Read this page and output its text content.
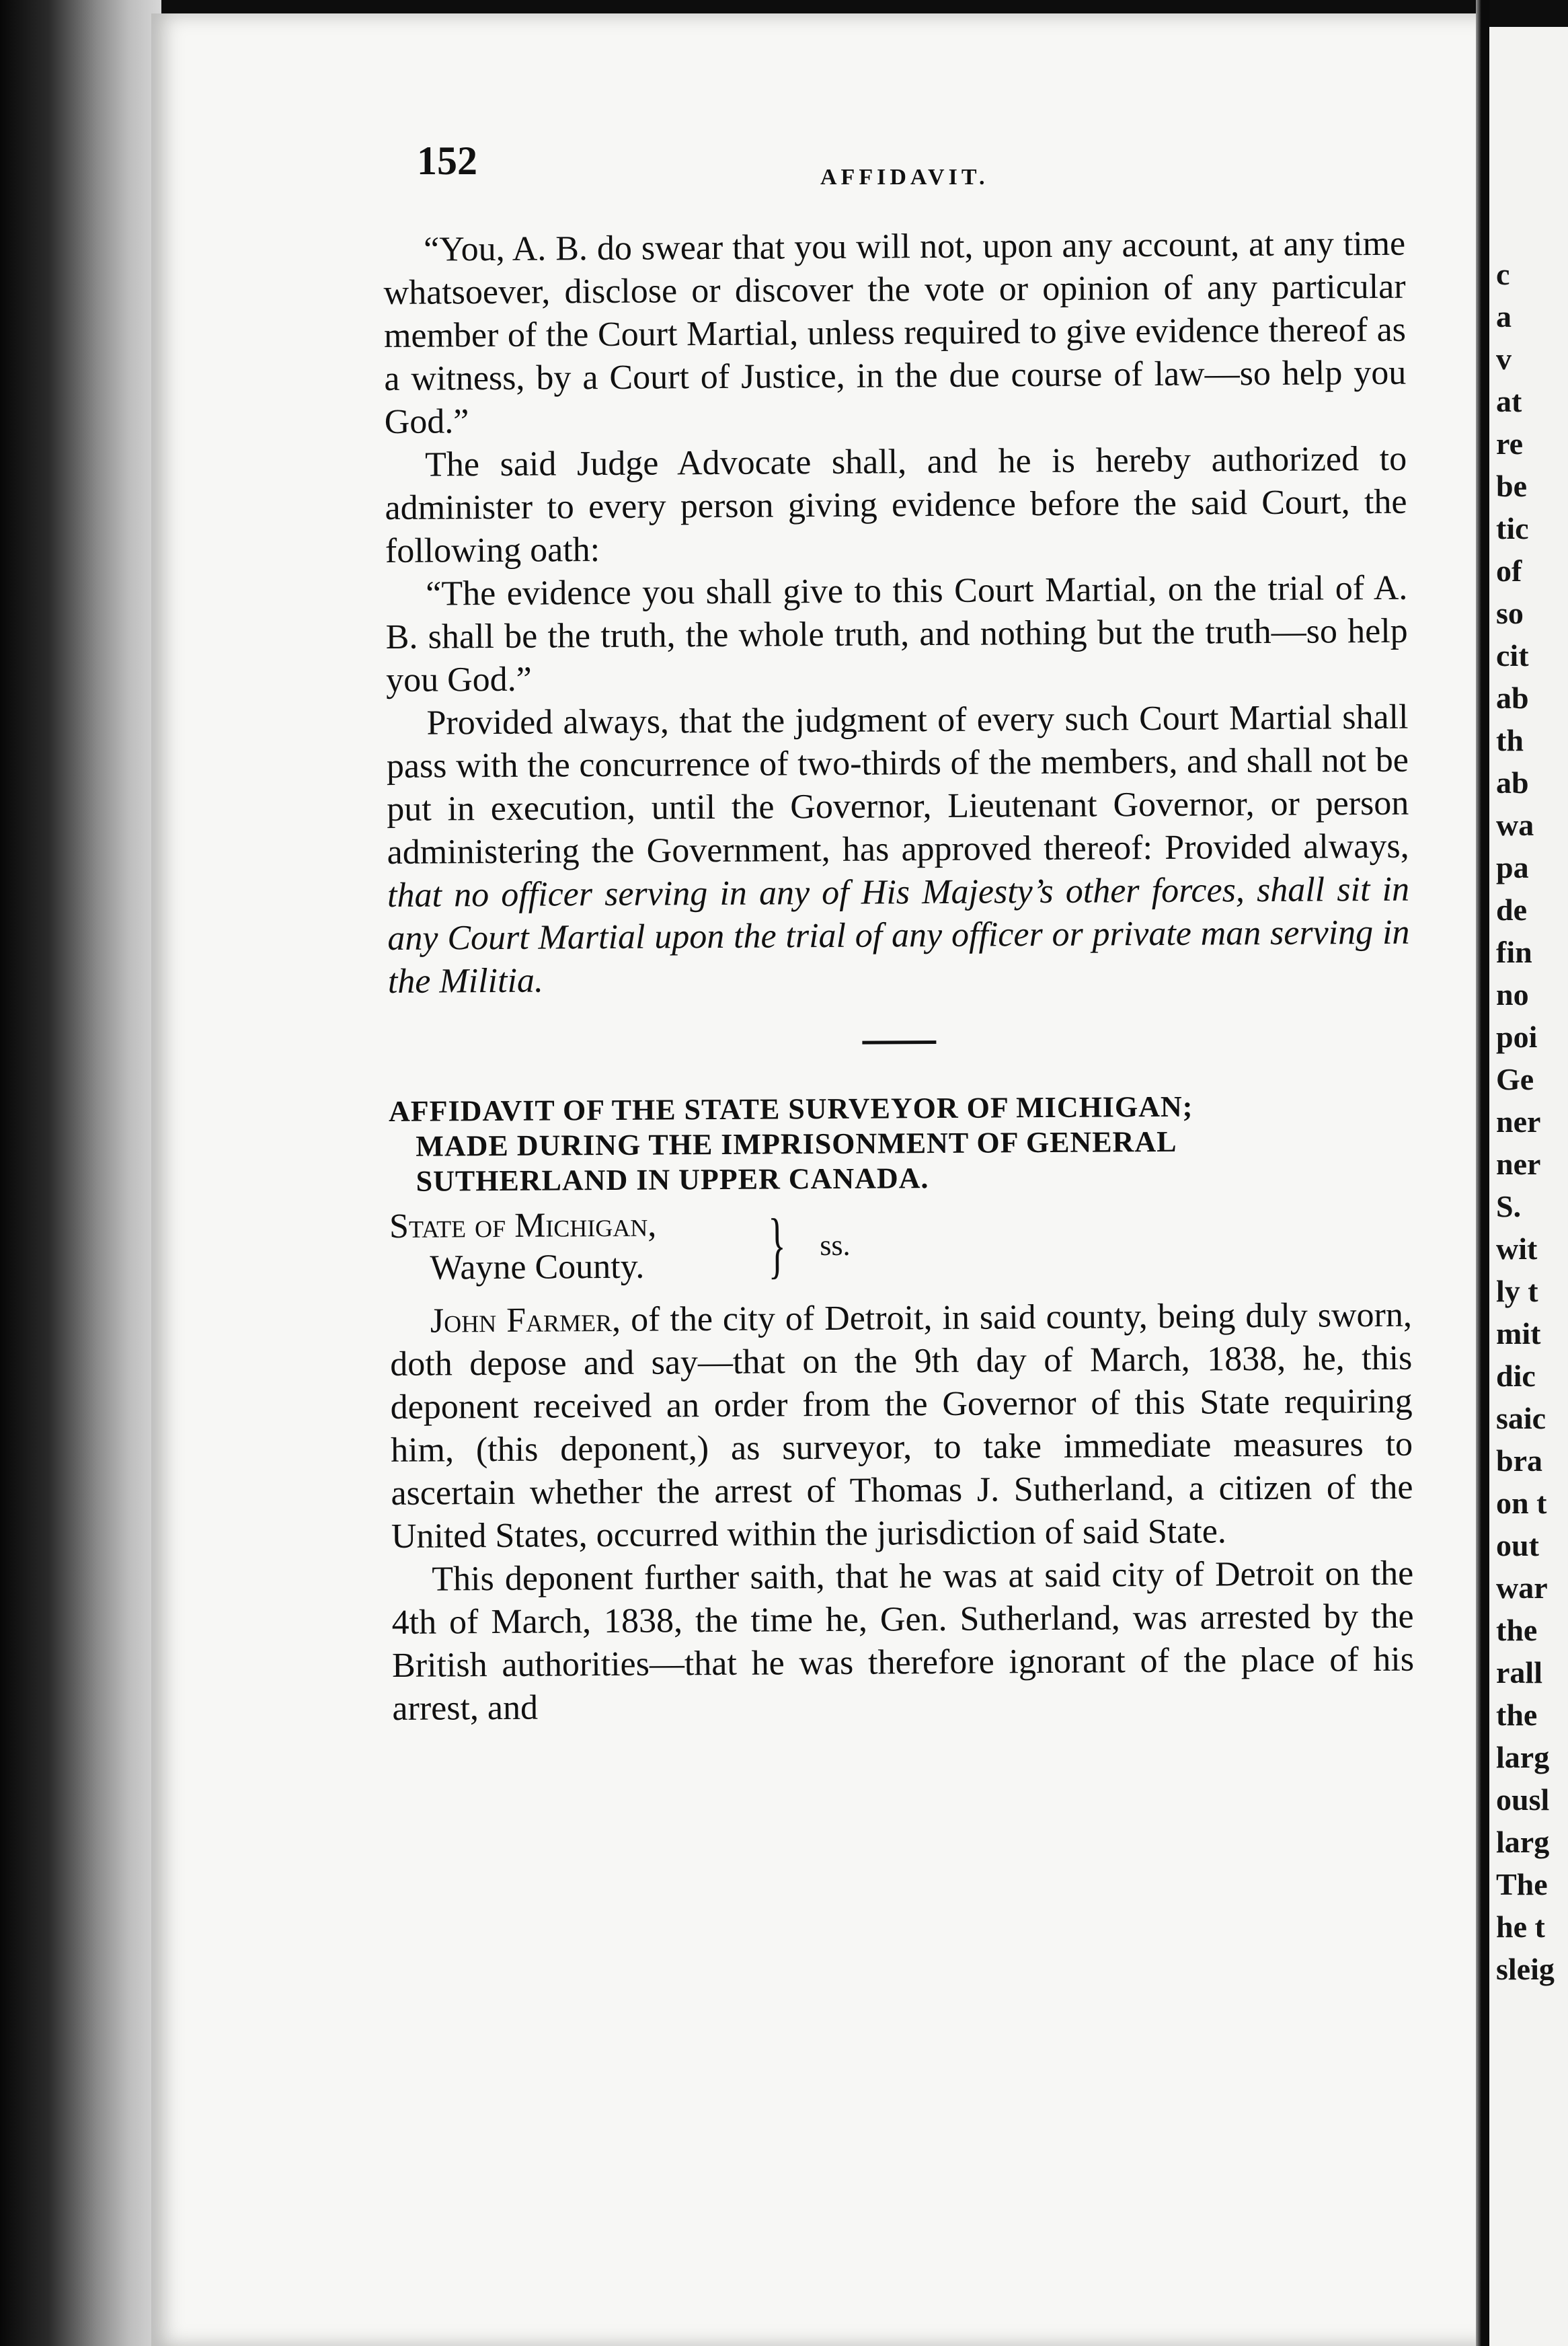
152	AFFIDAVIT.

“You, A. B. do swear that you will not, upon any account, at any time whatsoever, disclose or discover the vote or opinion of any particular member of the Court Martial, unless required to give evidence thereof as a witness, by a Court of Justice, in the due course of law—so help you God.”

The said Judge Advocate shall, and he is hereby authorized to administer to every person giving evidence before the said Court, the following oath:

“The evidence you shall give to this Court Martial, on the trial of A. B. shall be the truth, the whole truth, and nothing but the truth—so help you God.”

Provided always, that the judgment of every such Court Martial shall pass with the concurrence of two-thirds of the members, and shall not be put in execution, until the Governor, Lieutenant Governor, or person administering the Government, has approved thereof: Provided always, that no officer serving in any of His Majesty’s other forces, shall sit in any Court Martial upon the trial of any officer or private man serving in the Militia.

AFFIDAVIT OF THE STATE SURVEYOR OF MICHIGAN;
MADE DURING THE IMPRISONMENT OF GENERAL
SUTHERLAND IN UPPER CANADA.
State of Michigan,
Wayne County. } ss.

John Farmer, of the city of Detroit, in said county, being duly sworn, doth depose and say—that on the 9th day of March, 1838, he, this deponent received an order from the Governor of this State requiring him, (this deponent,) as surveyor, to take immediate measures to ascertain whether the arrest of Thomas J. Sutherland, a citizen of the United States, occurred within the jurisdiction of said State.

This deponent further saith, that he was at said city of Detroit on the 4th of March, 1838, the time he, Gen. Sutherland, was arrested by the British authorities—that he was therefore ignorant of the place of his arrest, and

c
a
v
at
re
be
tic
of
so
cit
ab
th
ab
wa
pa
de
fin
no
poi
Ge
ner
ner
S.
wit
ly t
mit
dic
saic
bra
on t
out
war
the
rall
the
larg
ousl
larg
The
he t
sleig
